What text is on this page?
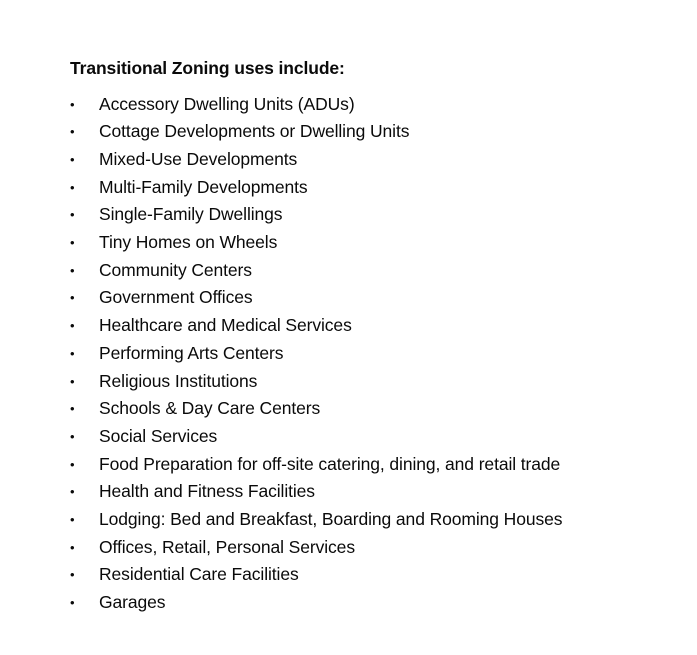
Transitional Zoning uses include:
• Accessory Dwelling Units (ADUs)
• Cottage Developments or Dwelling Units
• Mixed-Use Developments
• Multi-Family Developments
• Single-Family Dwellings
• Tiny Homes on Wheels
• Community Centers
• Government Offices
• Healthcare and Medical Services
• Performing Arts Centers
• Religious Institutions
• Schools & Day Care Centers
• Social Services
• Food Preparation for off-site catering, dining, and retail trade
• Health and Fitness Facilities
• Lodging: Bed and Breakfast, Boarding and Rooming Houses
• Offices, Retail, Personal Services
• Residential Care Facilities
• Garages
